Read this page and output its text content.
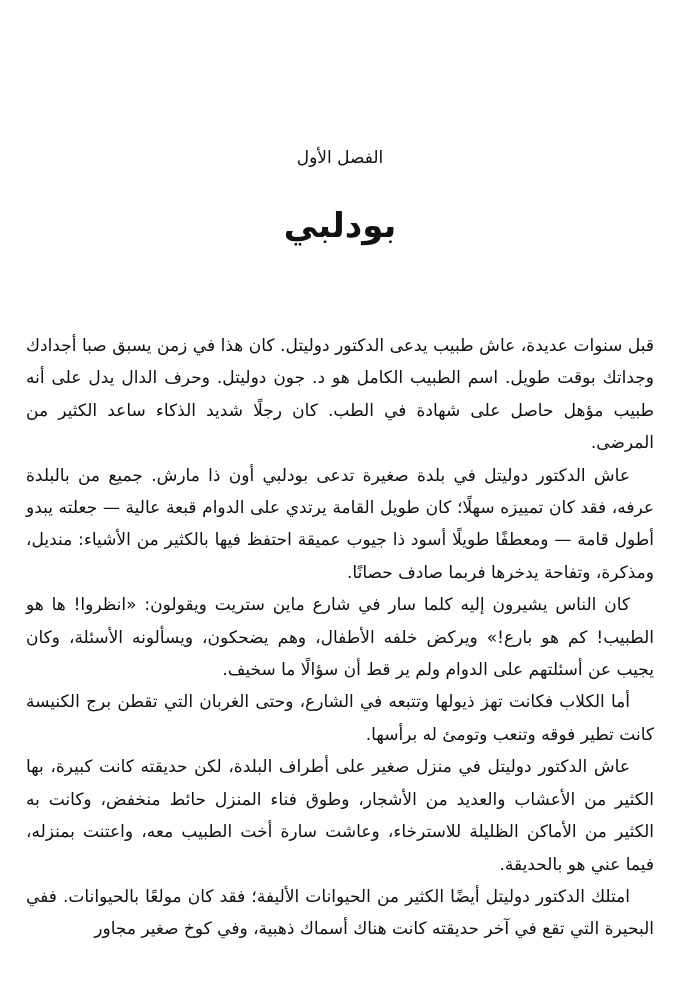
الفصل الأول
بودلبي

قبل سنوات عديدة، عاش طبيب يدعى الدكتور دوليتل. كان هذا في زمن يسبق صبا أجدادك وجداتك بوقت طويل. اسم الطبيب الكامل هو د. جون دوليتل. وحرف الدال يدل على أنه طبيب مؤهل حاصل على شهادة في الطب. كان رجلًا شديد الذكاء ساعد الكثير من المرضى.

عاش الدكتور دوليتل في بلدة صغيرة تدعى بودلبي أون ذا مارش. جميع من بالبلدة عرفه، فقد كان تمييزه سهلًا؛ كان طويل القامة يرتدي على الدوام قبعة عالية — جعلته يبدو أطول قامة — ومعطفًا طويلًا أسود ذا جيوب عميقة احتفظ فيها بالكثير من الأشياء: منديل، ومذكرة، وتفاحة يدخرها فربما صادف حصانًا.

كان الناس يشيرون إليه كلما سار في شارع ماين ستريت ويقولون: «انظروا! ها هو الطبيب! كم هو بارع!» ويركض خلفه الأطفال، وهم يضحكون، ويسألونه الأسئلة، وكان يجيب عن أسئلتهم على الدوام ولم ير قط أن سؤالًا ما سخيف.

أما الكلاب فكانت تهز ذيولها وتتبعه في الشارع، وحتى الغربان التي تقطن برج الكنيسة كانت تطير فوقه وتنعب وتومئ له برأسها.

عاش الدكتور دوليتل في منزل صغير على أطراف البلدة، لكن حديقته كانت كبيرة، بها الكثير من الأعشاب والعديد من الأشجار، وطوق فناء المنزل حائط منخفض، وكانت به الكثير من الأماكن الظليلة للاسترخاء، وعاشت سارة أخت الطبيب معه، واعتنت بمنزله، فيما عني هو بالحديقة.

امتلك الدكتور دوليتل أيضًا الكثير من الحيوانات الأليفة؛ فقد كان مولعًا بالحيوانات. ففي البحيرة التي تقع في آخر حديقته كانت هناك أسماك ذهبية، وفي كوخ صغير مجاور
